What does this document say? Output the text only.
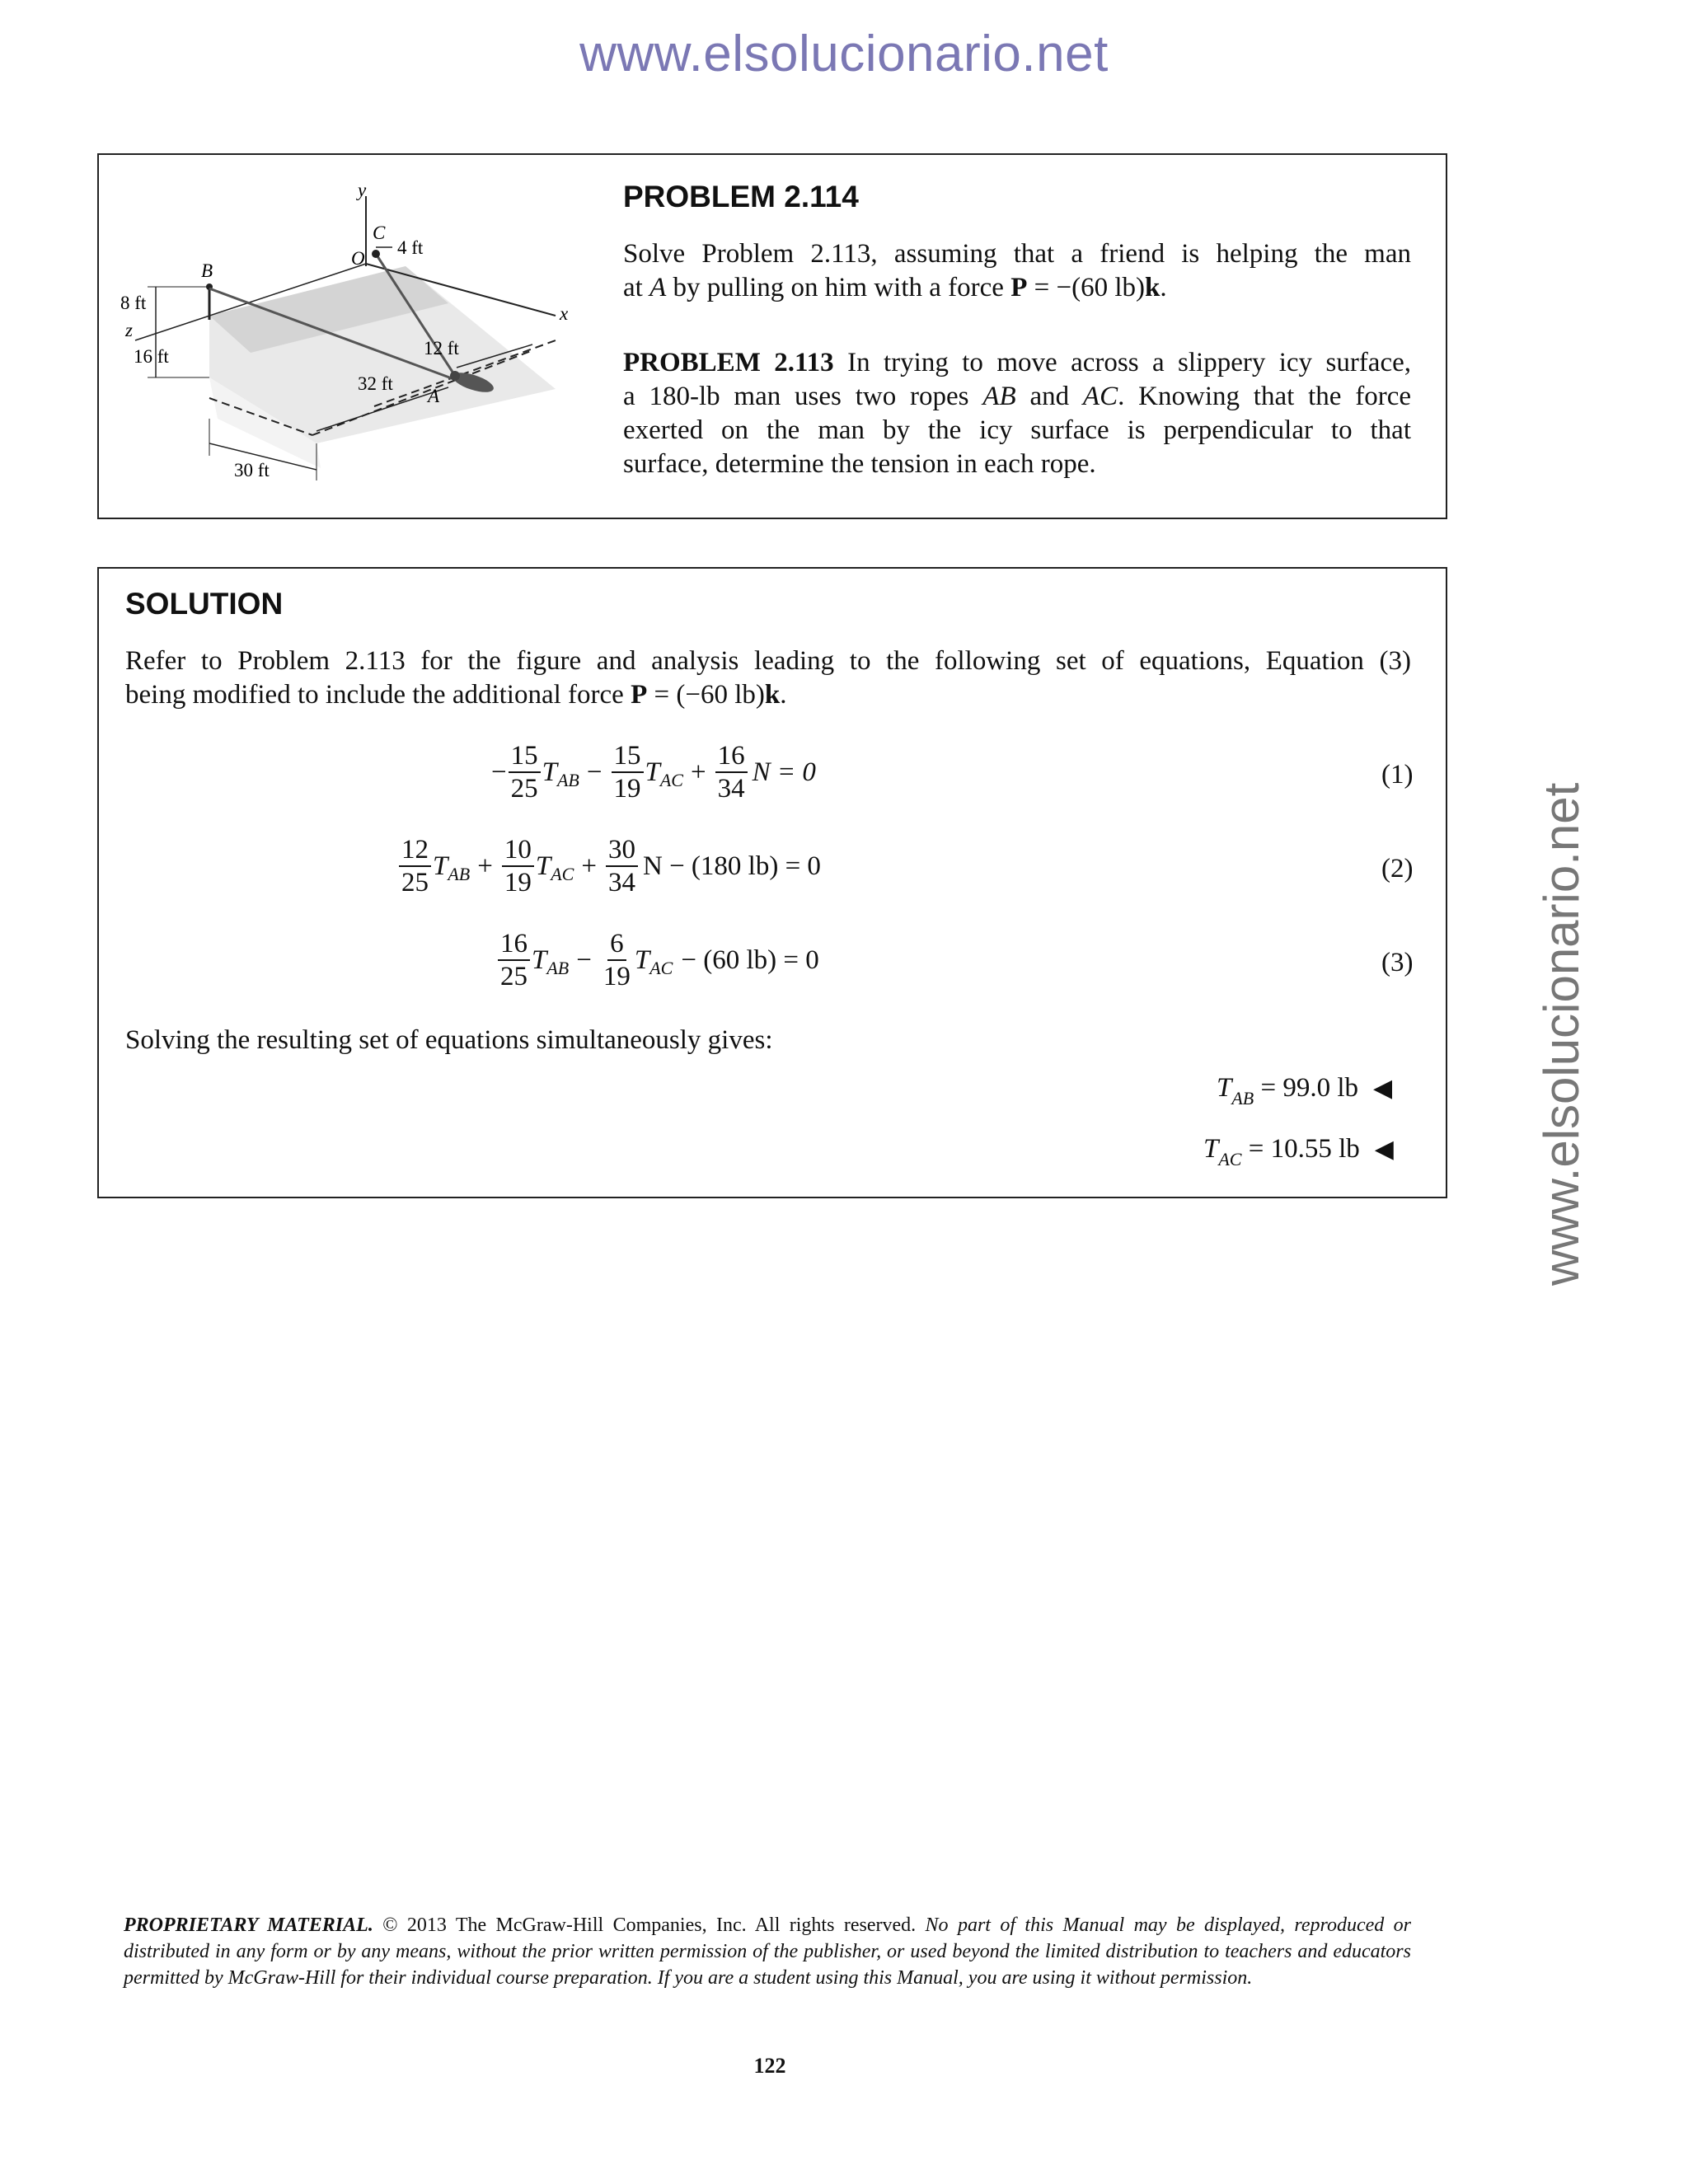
www.elsolucionario.net
www.elsolucionario.net
y
C
O
4 ft
x
B
8 ft
z
16 ft	12 ft
32 ft
A
30 ft
PROBLEM 2.114
Solve Problem 2.113, assuming that a friend is helping the man
at A by pulling on him with a force P = −(60 lb)k.
PROBLEM 2.113 In trying to move across a slippery icy surface,
a 180-lb man uses two ropes AB and AC. Knowing that the force
exerted on the man by the icy surface is perpendicular to that
surface, determine the tension in each rope.
SOLUTION
Refer to Problem 2.113 for the figure and analysis leading to the following set of equations, Equation (3)
being modified to include the additional force P = (−60 lb)k.
− $\frac{15}{25}$ T AB − $\frac{15}{19}$ T AC + $\frac{16}{34}$ N = 0	(1)
$\frac{12}{25}$ T AB + $\frac{10}{19}$ T AC + $\frac{30}{34}$ N − (180 lb) = 0	(2)
$\frac{16}{25}$ T AB − $\frac{6}{19}$ T AC − (60 lb) = 0	(3)
Solving the resulting set of equations simultaneously gives:
$T_{AB} = 99.0$ lb ◀
$T_{AC} = 10.55$ lb ◀
PROPRIETARY MATERIAL. © 2013 The McGraw-Hill Companies, Inc. All rights reserved. No part of this Manual may be displayed, reproduced or distributed in any form or by any means, without the prior written permission of the publisher, or used beyond the limited distribution to teachers and educators permitted by McGraw-Hill for their individual course preparation. If you are a student using this Manual, you are using it without permission.
122
